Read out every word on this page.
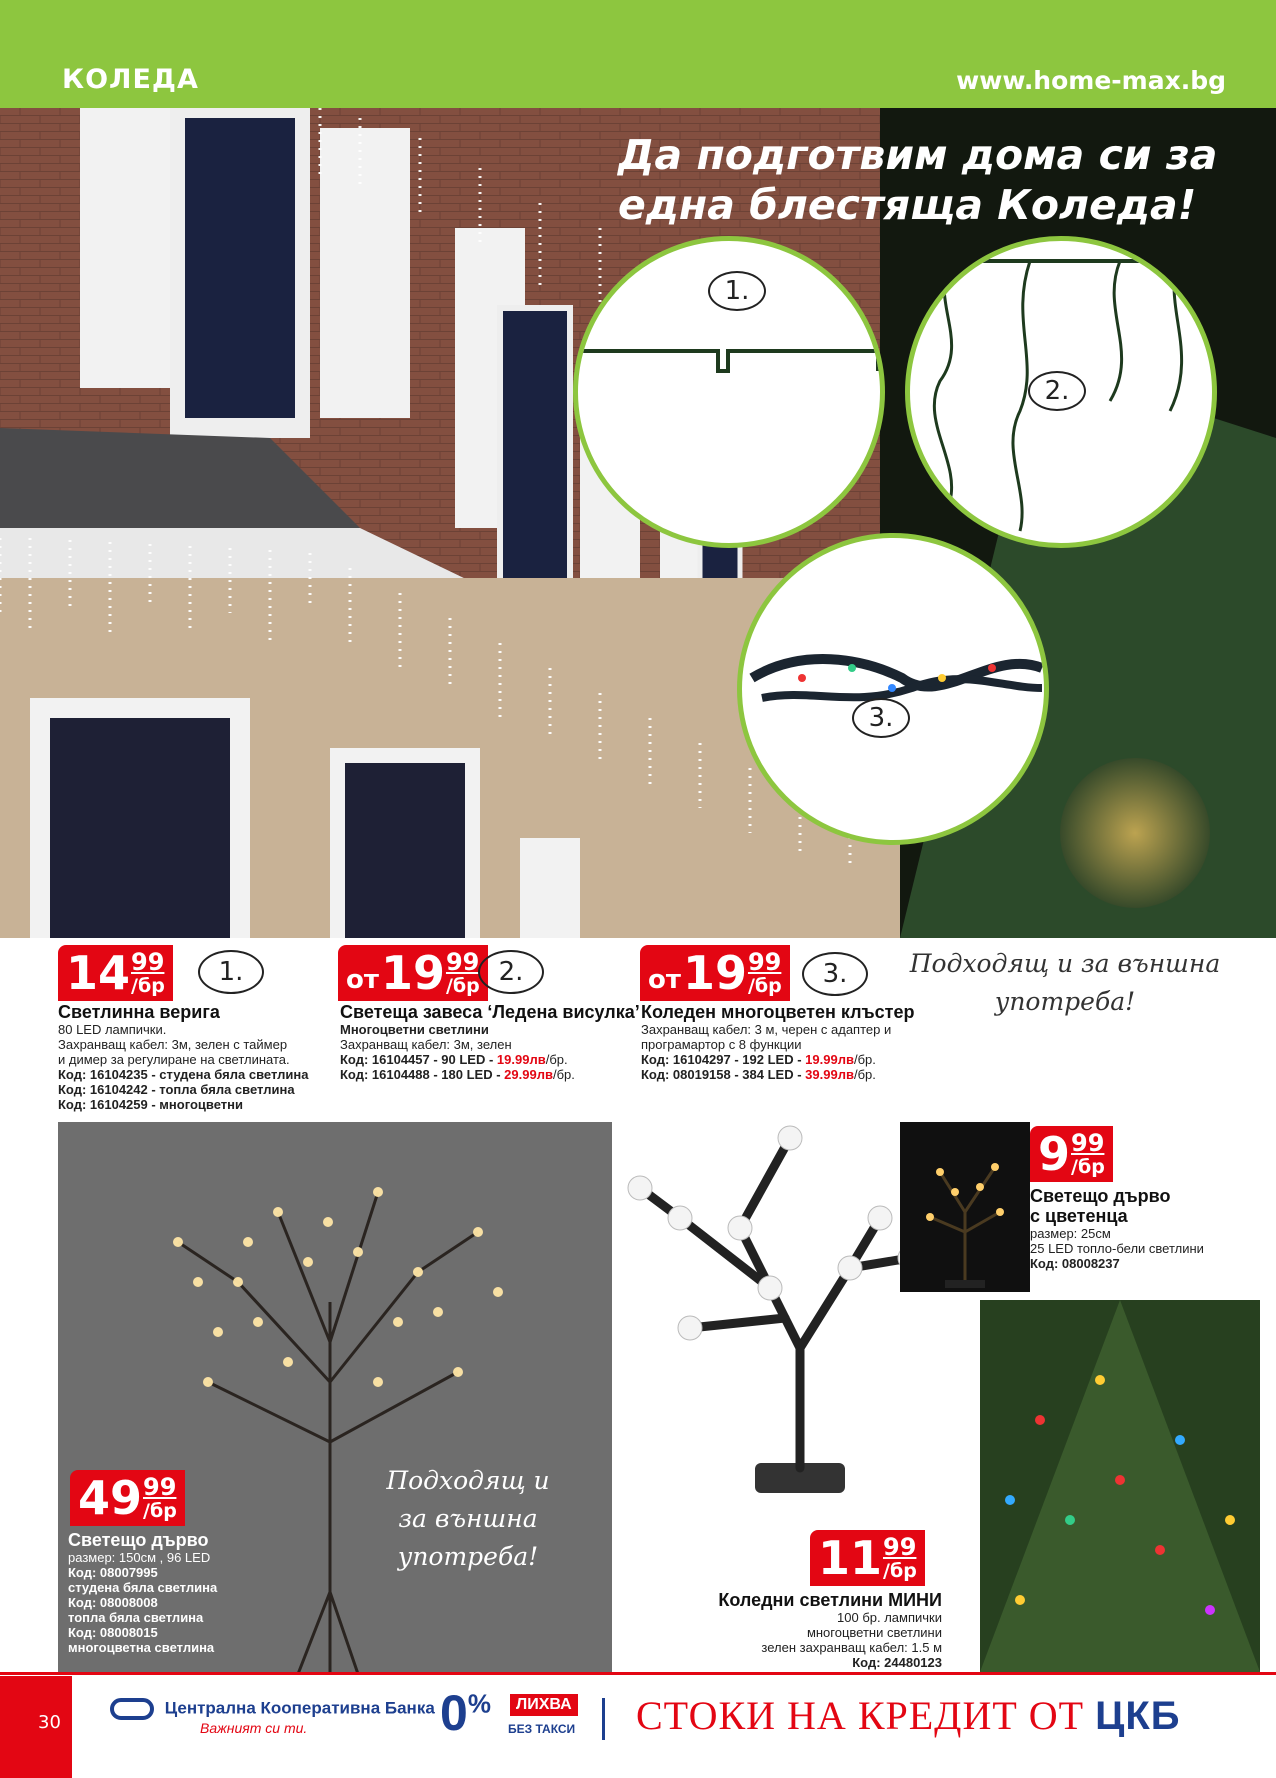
КОЛЕДА	www.home-max.bg
Да подготвим дома си за
една блестяща Коледа!
1.
2.
3.
14 99
/бр	1.
Светлинна верига
80 LED лампички.
Захранващ кабел: 3м, зелен с таймер
и димер за регулиране на светлината.
Код: 16104235 - студена бяла светлина
Код: 16104242 - топла бяла светлина
Код: 16104259 - многоцветни
от 19 99
/бр 2.
Светеща завеса ‘Ледена висулка’
Многоцветни светлини
Захранващ кабел: 3м, зелен
Код: 16104457 - 90 LED - 19.99лв/бр.
Код: 16104488 - 180 LED - 29.99лв/бр.
от 19 99
/бр	3.
Коледен многоцветен клъстер
Захранващ кабел: 3 м, черен с адаптер и
програмартор с 8 функции
Код: 16104297 - 192 LED - 19.99лв/бр.
Код: 08019158 - 384 LED - 39.99лв/бр.
Подходящ и за външна
употреба!
49 99
/бр
Светещо дърво
размер: 150см , 96 LED
Код: 08007995
студена бяла светлина
Код: 08008008
топла бяла светлина
Код: 08008015
многоцветна светлина
Подходящ и
за външна
употреба!
9 99
/бр
Светещо дърво
с цветенца
размер: 25см
25 LED топло-бели светлини
Код: 08008237
11 99
/бр
Коледни светлини МИНИ
100 бр. лампички
многоцветни светлини
зелен захранващ кабел: 1.5 м
Код: 24480123
30
Централна Кооперативна Банка
Важният си ти.	0%	ЛИХВА
БЕЗ ТАКСИ СТОКИ НА КРЕДИТ ОТ ЦКБ
